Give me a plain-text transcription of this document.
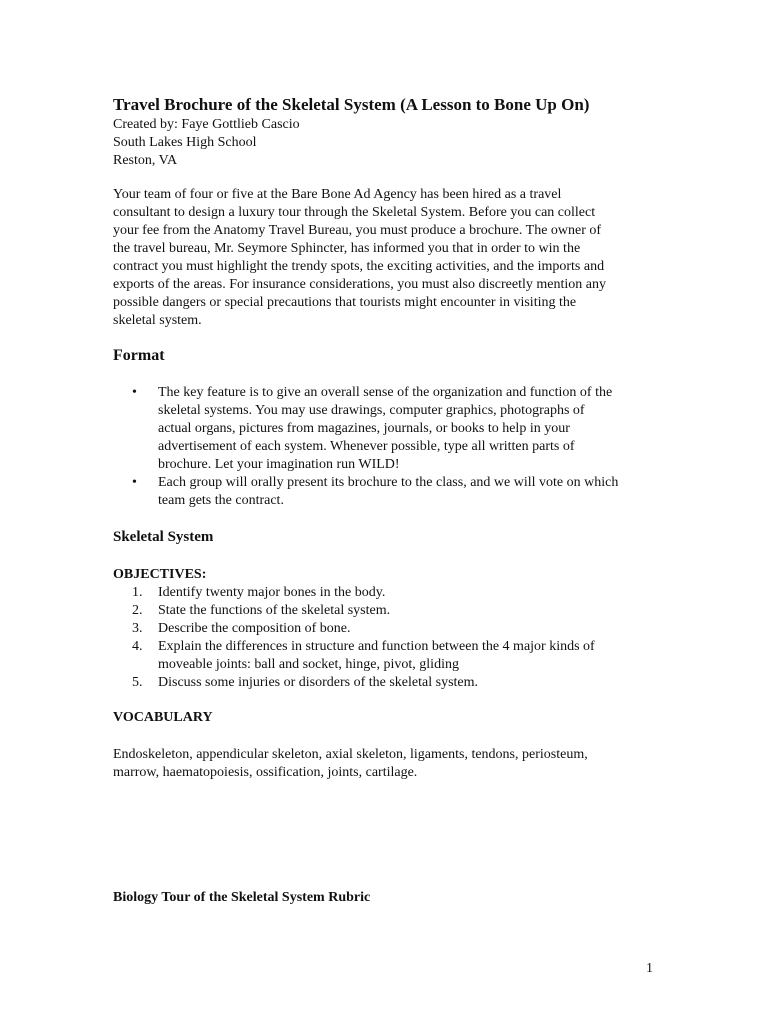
Travel Brochure of the Skeletal System (A Lesson to Bone Up On)
Created by: Faye Gottlieb Cascio
South Lakes High School
Reston, VA
Your team of four or five at the Bare Bone Ad Agency has been hired as a travel
consultant to design a luxury tour through the Skeletal System. Before you can collect
your fee from the Anatomy Travel Bureau, you must produce a brochure. The owner of
the travel bureau, Mr. Seymore Sphincter, has informed you that in order to win the
contract you must highlight the trendy spots, the exciting activities, and the imports and
exports of the areas. For insurance considerations, you must also discreetly mention any
possible dangers or special precautions that tourists might encounter in visiting the
skeletal system.
Format
• The key feature is to give an overall sense of the organization and function of the
skeletal systems. You may use drawings, computer graphics, photographs of
actual organs, pictures from magazines, journals, or books to help in your
advertisement of each system. Whenever possible, type all written parts of
brochure. Let your imagination run WILD!
• Each group will orally present its brochure to the class, and we will vote on which
team gets the contract.
Skeletal System
OBJECTIVES:
1. Identify twenty major bones in the body.
2. State the functions of the skeletal system.
3. Describe the composition of bone.
4. Explain the differences in structure and function between the 4 major kinds of
moveable joints: ball and socket, hinge, pivot, gliding
5. Discuss some injuries or disorders of the skeletal system.
VOCABULARY
Endoskeleton, appendicular skeleton, axial skeleton, ligaments, tendons, periosteum,
marrow, haematopoiesis, ossification, joints, cartilage.
Biology Tour of the Skeletal System Rubric
1
